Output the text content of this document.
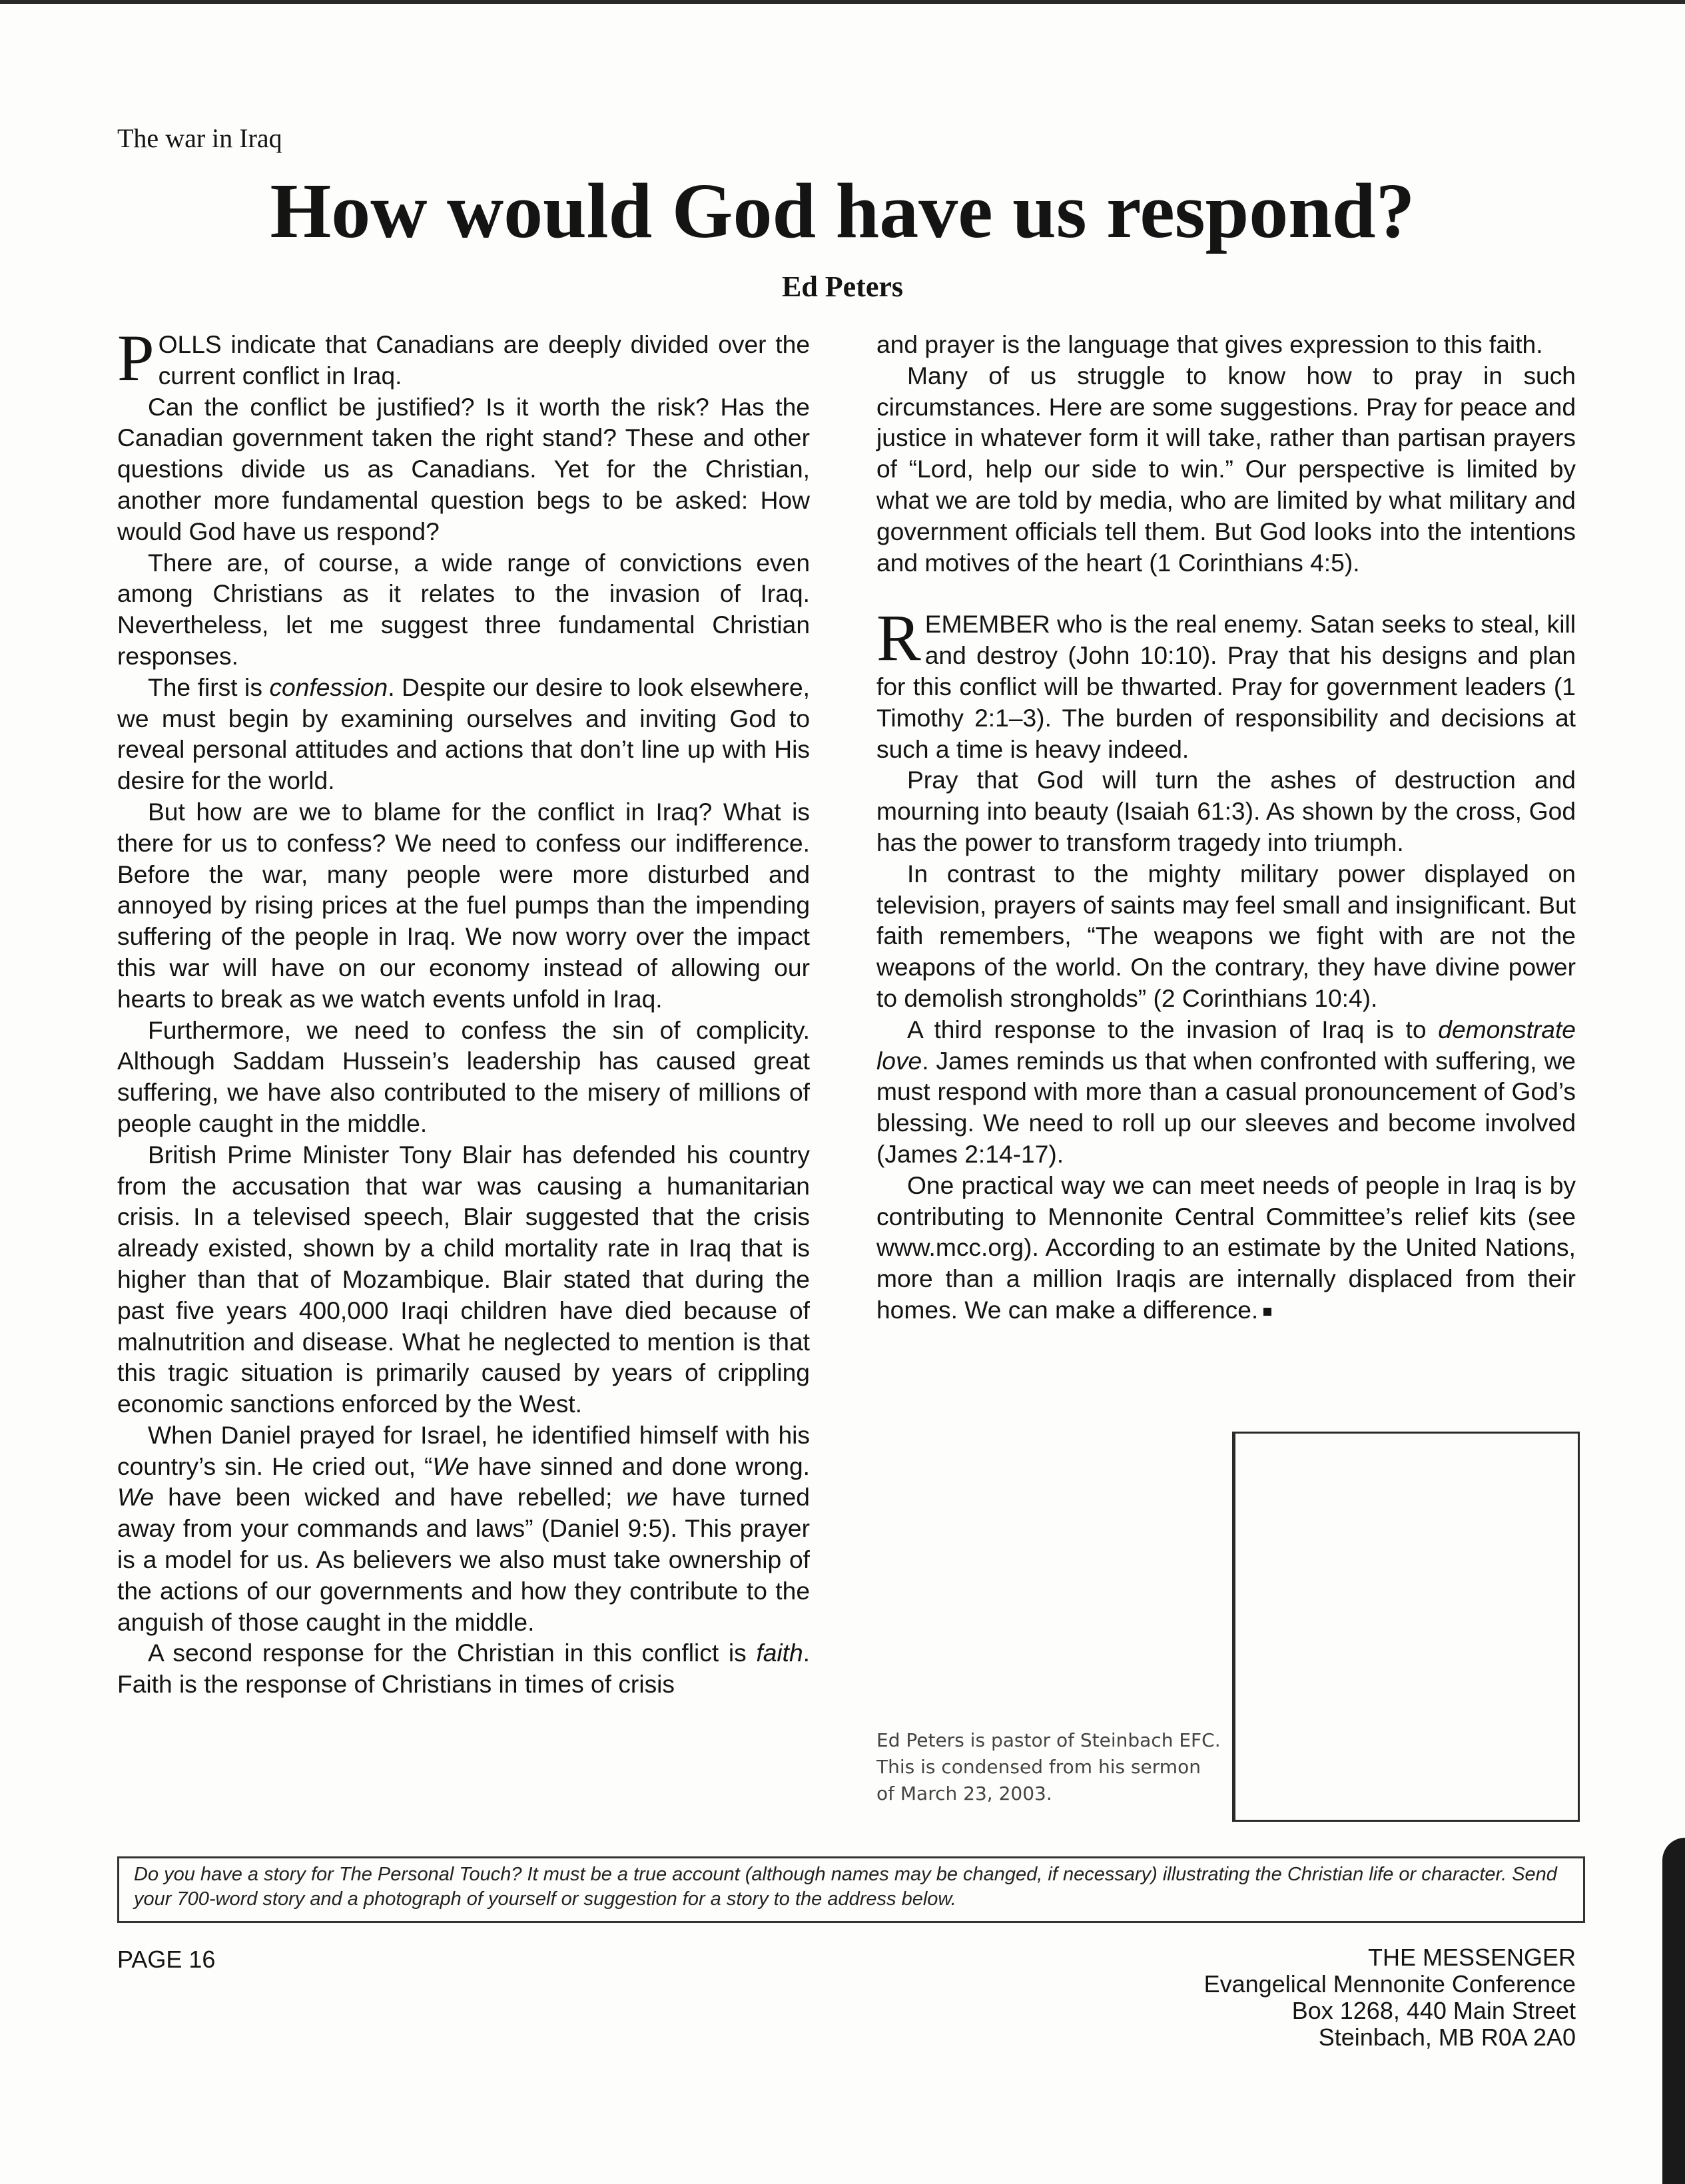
The war in Iraq
How would God have us respond?
Ed Peters

POLLS indicate that Canadians are deeply divided over the current conflict in Iraq.

Can the conflict be justified? Is it worth the risk? Has the Canadian government taken the right stand? These and other questions divide us as Canadians. Yet for the Christian, another more fundamental question begs to be asked: How would God have us respond?

There are, of course, a wide range of convictions even among Christians as it relates to the invasion of Iraq. Nevertheless, let me suggest three fundamental Christian responses.

The first is confession. Despite our desire to look elsewhere, we must begin by examining ourselves and inviting God to reveal personal attitudes and actions that don’t line up with His desire for the world.

But how are we to blame for the conflict in Iraq? What is there for us to confess? We need to confess our indifference. Before the war, many people were more disturbed and annoyed by rising prices at the fuel pumps than the impending suffering of the people in Iraq. We now worry over the impact this war will have on our economy instead of allowing our hearts to break as we watch events unfold in Iraq.

Furthermore, we need to confess the sin of complicity. Although Saddam Hussein’s leadership has caused great suffering, we have also contributed to the misery of millions of people caught in the middle.

British Prime Minister Tony Blair has defended his country from the accusation that war was causing a humanitarian crisis. In a televised speech, Blair suggested that the crisis already existed, shown by a child mortality rate in Iraq that is higher than that of Mozambique. Blair stated that during the past five years 400,000 Iraqi children have died because of malnutrition and disease. What he neglected to mention is that this tragic situation is primarily caused by years of crippling economic sanctions enforced by the West.

When Daniel prayed for Israel, he identified himself with his country’s sin. He cried out, “We have sinned and done wrong. We have been wicked and have rebelled; we have turned away from your commands and laws” (Daniel 9:5). This prayer is a model for us. As believers we also must take ownership of the actions of our governments and how they contribute to the anguish of those caught in the middle.

A second response for the Christian in this conflict is faith. Faith is the response of Christians in times of crisis

and prayer is the language that gives expression to this faith.

Many of us struggle to know how to pray in such circumstances. Here are some suggestions. Pray for peace and justice in whatever form it will take, rather than partisan prayers of “Lord, help our side to win.” Our perspective is limited by what we are told by media, who are limited by what military and government officials tell them. But God looks into the intentions and motives of the heart (1 Corinthians 4:5).

REMEMBER who is the real enemy. Satan seeks to steal, kill and destroy (John 10:10). Pray that his designs and plan for this conflict will be thwarted. Pray for government leaders (1 Timothy 2:1–3). The burden of responsibility and decisions at such a time is heavy indeed.

Pray that God will turn the ashes of destruction and mourning into beauty (Isaiah 61:3). As shown by the cross, God has the power to transform tragedy into triumph.

In contrast to the mighty military power displayed on television, prayers of saints may feel small and insignificant. But faith remembers, “The weapons we fight with are not the weapons of the world. On the contrary, they have divine power to demolish strongholds” (2 Corinthians 10:4).

A third response to the invasion of Iraq is to demonstrate love. James reminds us that when confronted with suffering, we must respond with more than a casual pronouncement of God’s blessing. We need to roll up our sleeves and become involved (James 2:14-17).

One practical way we can meet needs of people in Iraq is by contributing to Mennonite Central Committee’s relief kits (see www.mcc.org). According to an estimate by the United Nations, more than a million Iraqis are internally displaced from their homes. We can make a difference.

Ed Peters is pastor of Steinbach EFC. This is condensed from his sermon of March 23, 2003.
Do you have a story for The Personal Touch? It must be a true account (although names may be changed, if necessary) illustrating the Christian life or character. Send your 700-word story and a photograph of yourself or suggestion for a story to the address below.
PAGE 16	THE MESSENGER
Evangelical Mennonite Conference
Box 1268, 440 Main Street
Steinbach, MB R0A 2A0
